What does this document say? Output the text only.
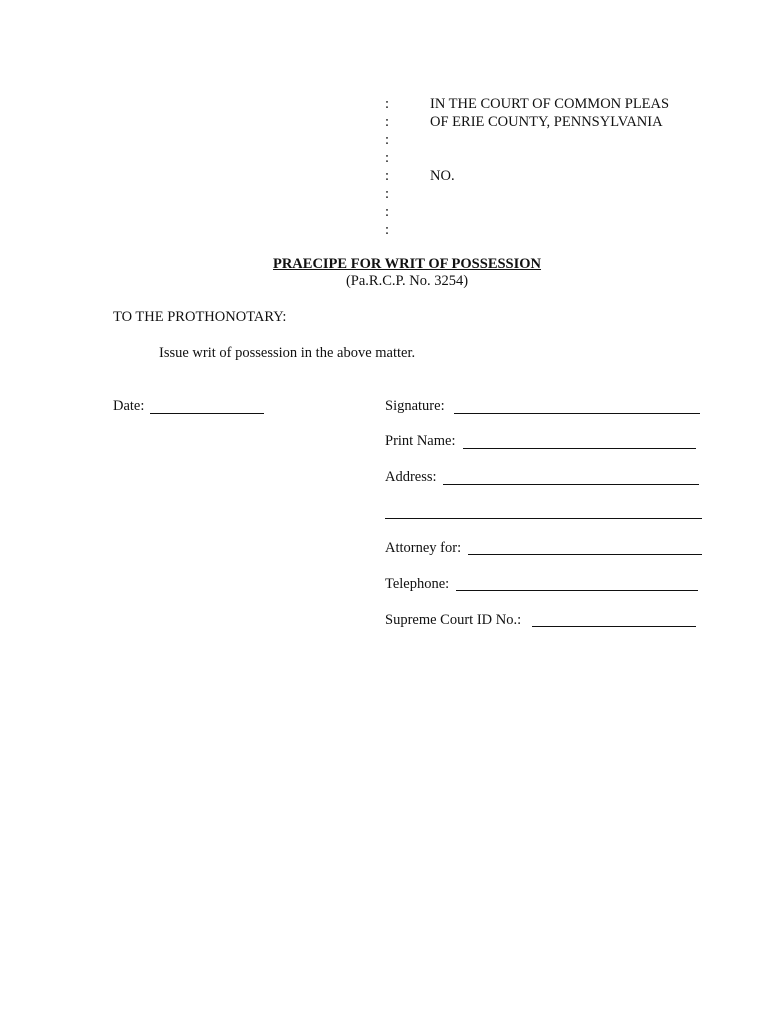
:
:
:
:
:
:
:
:
IN THE COURT OF COMMON PLEAS
OF ERIE COUNTY, PENNSYLVANIA
NO.
PRAECIPE FOR WRIT OF POSSESSION
(Pa.R.C.P. No. 3254)
TO THE PROTHONOTARY:
Issue writ of possession in the above matter.
Date:	Signature:
Print Name:
Address:
Attorney for:
Telephone:
Supreme Court ID No.:
